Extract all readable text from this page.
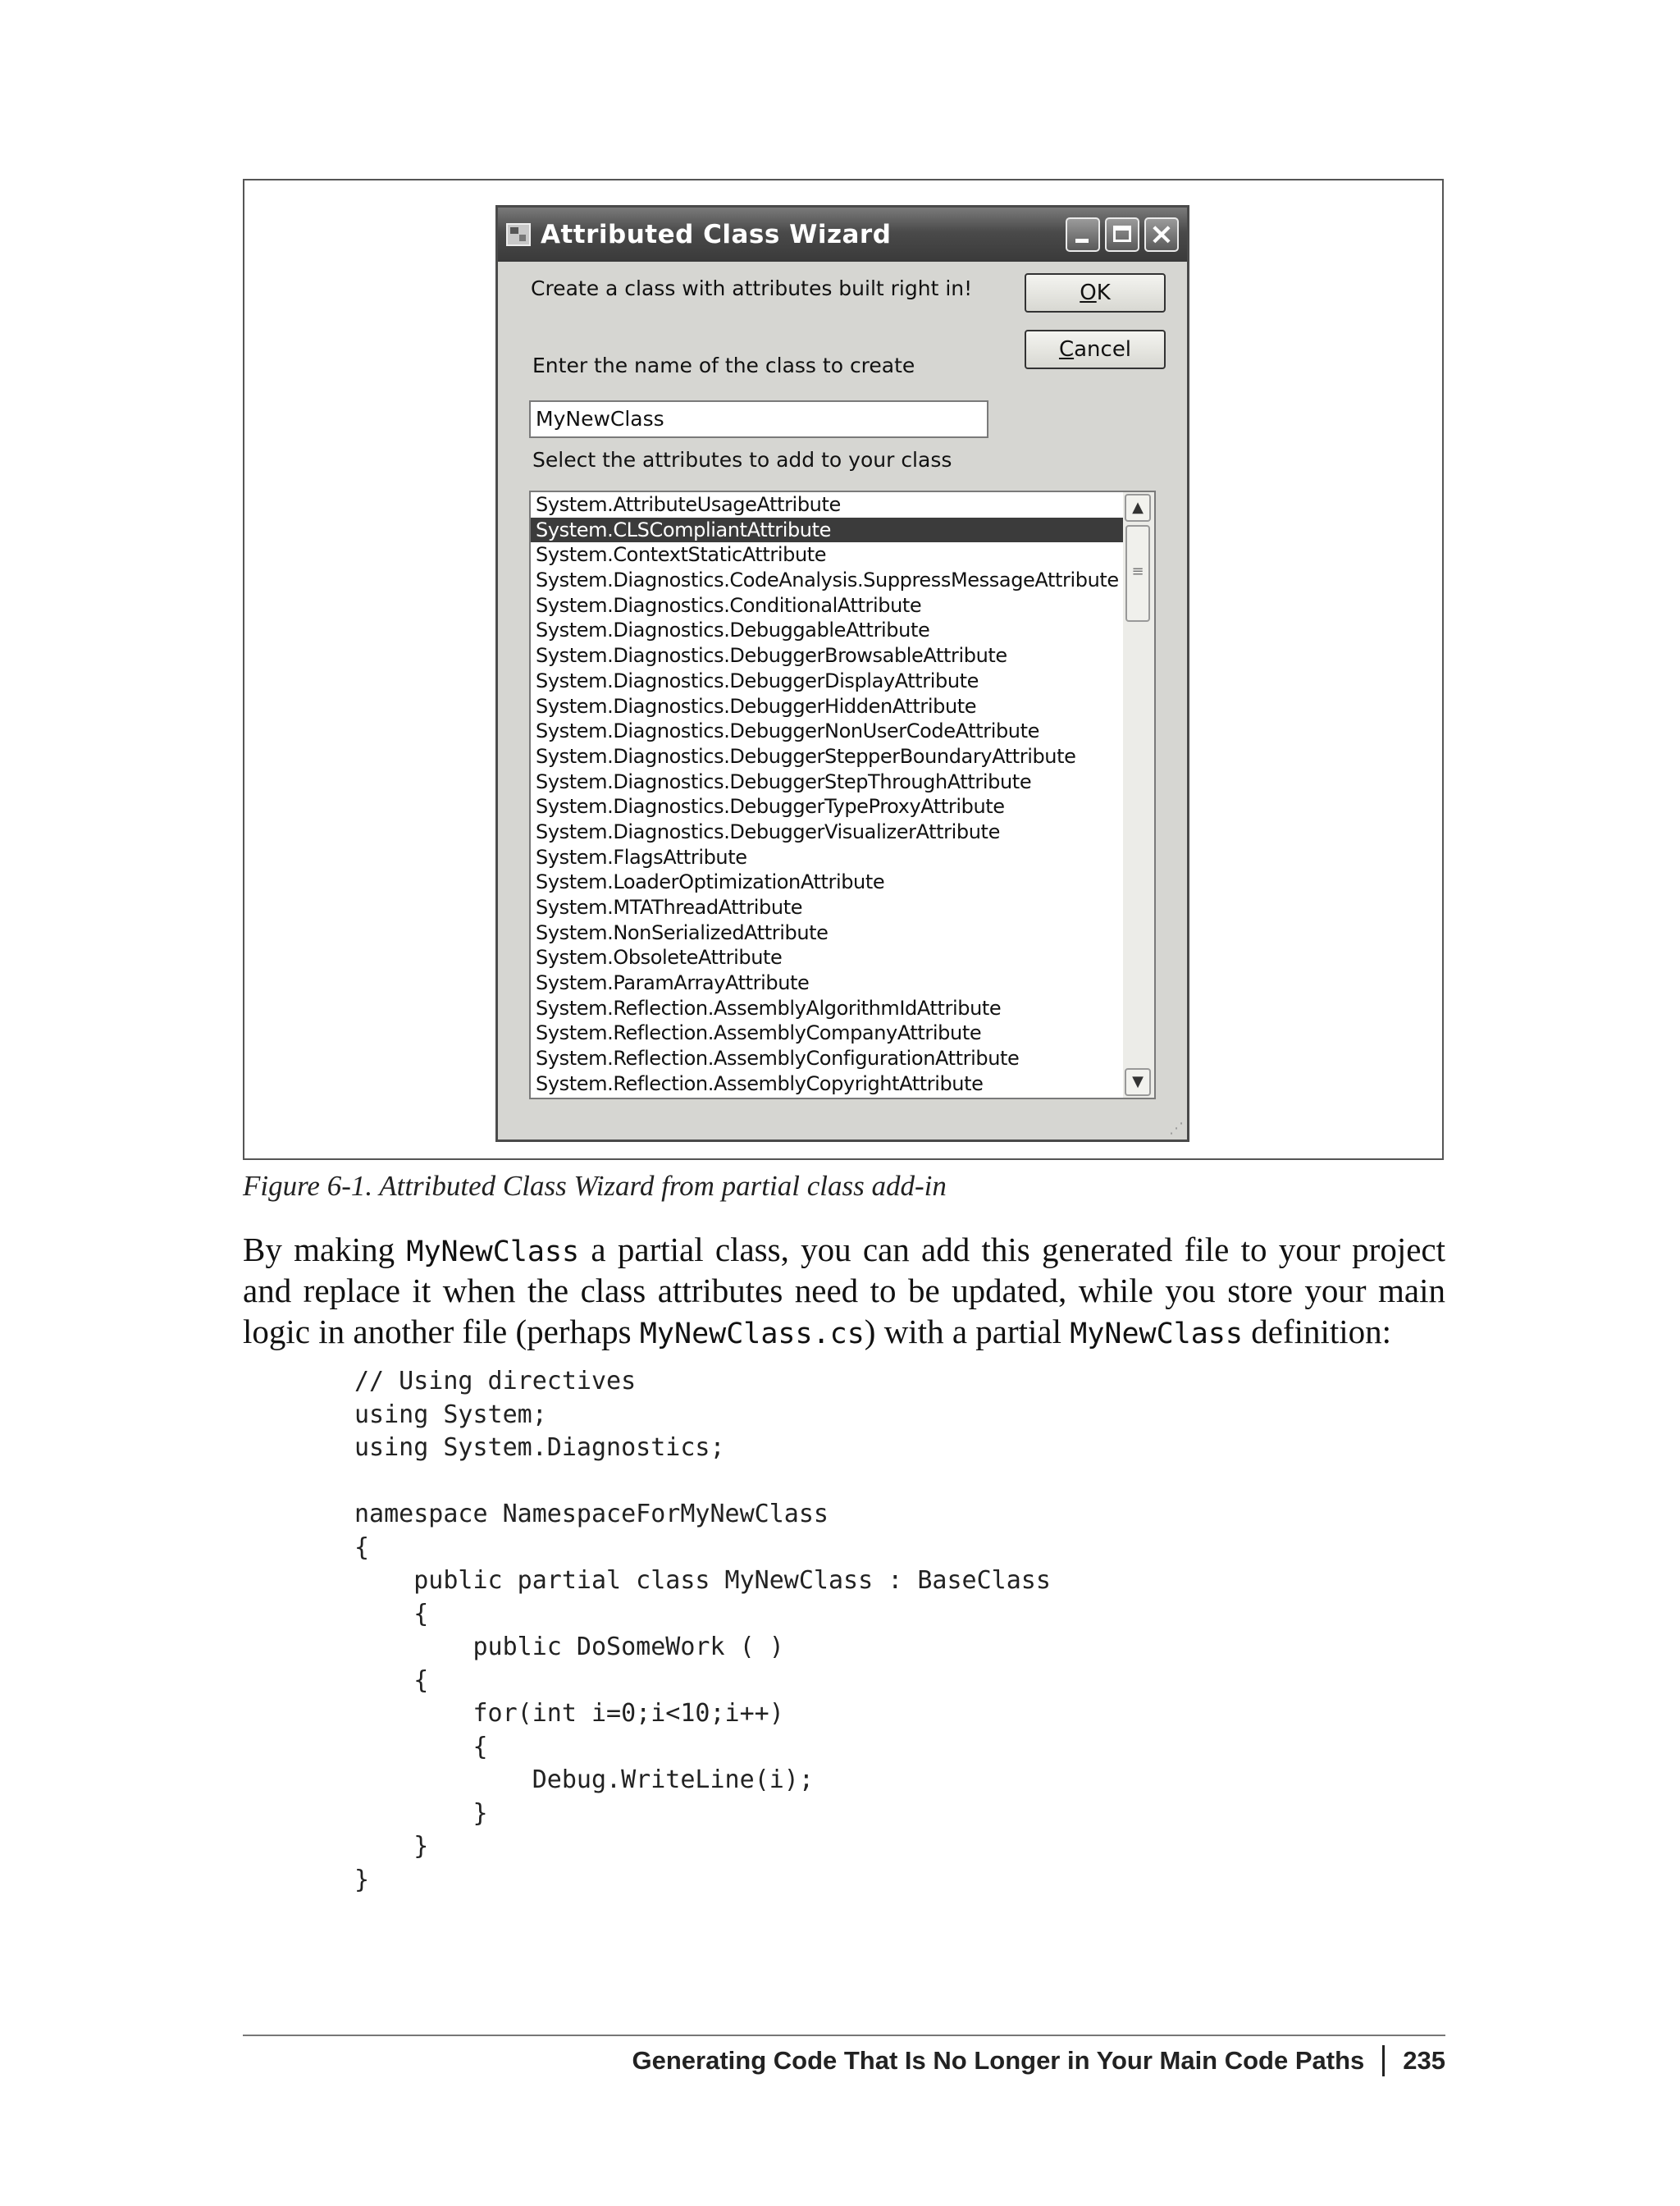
Attributed Class Wizard	×
Create a class with attributes built right in!	OK
Cancel
Enter the name of the class to create
MyNewClass
Select the attributes to add to your class
System.AttributeUsageAttribute
System.CLSCompliantAttribute
System.ContextStaticAttribute
System.Diagnostics.CodeAnalysis.SuppressMessageAttribute
System.Diagnostics.ConditionalAttribute
System.Diagnostics.DebuggableAttribute
System.Diagnostics.DebuggerBrowsableAttribute
System.Diagnostics.DebuggerDisplayAttribute
System.Diagnostics.DebuggerHiddenAttribute
System.Diagnostics.DebuggerNonUserCodeAttribute
System.Diagnostics.DebuggerStepperBoundaryAttribute
System.Diagnostics.DebuggerStepThroughAttribute
System.Diagnostics.DebuggerTypeProxyAttribute
System.Diagnostics.DebuggerVisualizerAttribute
System.FlagsAttribute
System.LoaderOptimizationAttribute
System.MTAThreadAttribute
System.NonSerializedAttribute
System.ObsoleteAttribute
System.ParamArrayAttribute
System.Reflection.AssemblyAlgorithmIdAttribute
System.Reflection.AssemblyCompanyAttribute
System.Reflection.AssemblyConfigurationAttribute
System.Reflection.AssemblyCopyrightAttribute
▲
≡
▼
⋰
Figure 6-1. Attributed Class Wizard from partial class add-in
By making MyNewClass a partial class, you can add this generated file to your project
and replace it when the class attributes need to be updated, while you store your main
logic in another file (perhaps MyNewClass.cs) with a partial MyNewClass definition:
// Using directives
using System;
using System.Diagnostics;

namespace NamespaceForMyNewClass
{
public partial class MyNewClass : BaseClass
{
public DoSomeWork ( )
{
for(int i=0;i<10;i++)
{
Debug.WriteLine(i);
}
}
}
Generating Code That Is No Longer in Your Main Code Paths 235
